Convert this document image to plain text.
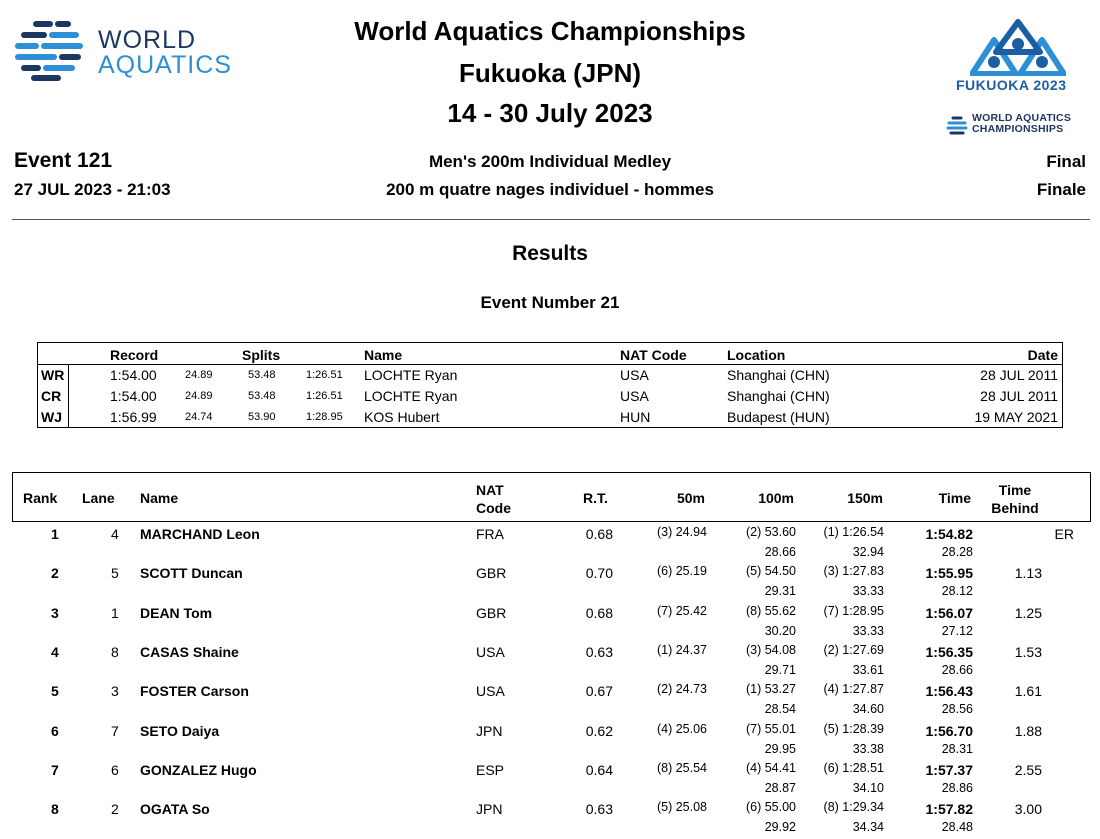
WORLD
AQUATICS
World Aquatics Championships
Fukuoka (JPN)
14 - 30 July 2023
FUKUOKA 2023
WORLD AQUATICS
CHAMPIONSHIPS
Event 121
27 JUL 2023 - 21:03
Men's 200m Individual Medley
200 m quatre nages individuel - hommes
Final
Finale
Results
Event Number 21
Record	Splits	Name	NAT Code	Location	Date
WR	1:54.00	24.89	53.48	1:26.51 LOCHTE Ryan	USA	Shanghai (CHN)	28 JUL 2011
CR	1:54.00	24.89	53.48	1:26.51 LOCHTE Ryan	USA	Shanghai (CHN)	28 JUL 2011
WJ	1:56.99	24.74	53.90	1:28.95 KOS Hubert	HUN	Budapest (HUN)	19 MAY 2021
Rank Lane Name	NAT
Code
R.T.	50m	100m	150m	Time	Time
Behind
1	4 MARCHAND Leon	FRA	0.68	(3) 24.94	(2) 53.60 (1) 1:26.54	1:54.82	ER
28.66	32.94	28.28
2	5 SCOTT Duncan	GBR	0.70	(6) 25.19	(5) 54.50 (3) 1:27.83	1:55.95	1.13
29.31	33.33	28.12
3	1 DEAN Tom	GBR	0.68	(7) 25.42	(8) 55.62 (7) 1:28.95	1:56.07	1.25
30.20	33.33	27.12
4	8 CASAS Shaine	USA	0.63	(1) 24.37	(3) 54.08 (2) 1:27.69	1:56.35	1.53
29.71	33.61	28.66
5	3 FOSTER Carson	USA	0.67	(2) 24.73	(1) 53.27 (4) 1:27.87	1:56.43	1.61
28.54	34.60	28.56
6	7 SETO Daiya	JPN	0.62	(4) 25.06	(7) 55.01 (5) 1:28.39	1:56.70	1.88
29.95	33.38	28.31
7	6 GONZALEZ Hugo	ESP	0.64	(8) 25.54	(4) 54.41 (6) 1:28.51	1:57.37	2.55
28.87	34.10	28.86
8	2 OGATA So	JPN	0.63	(5) 25.08	(6) 55.00 (8) 1:29.34	1:57.82	3.00
29.92	34.34	28.48
